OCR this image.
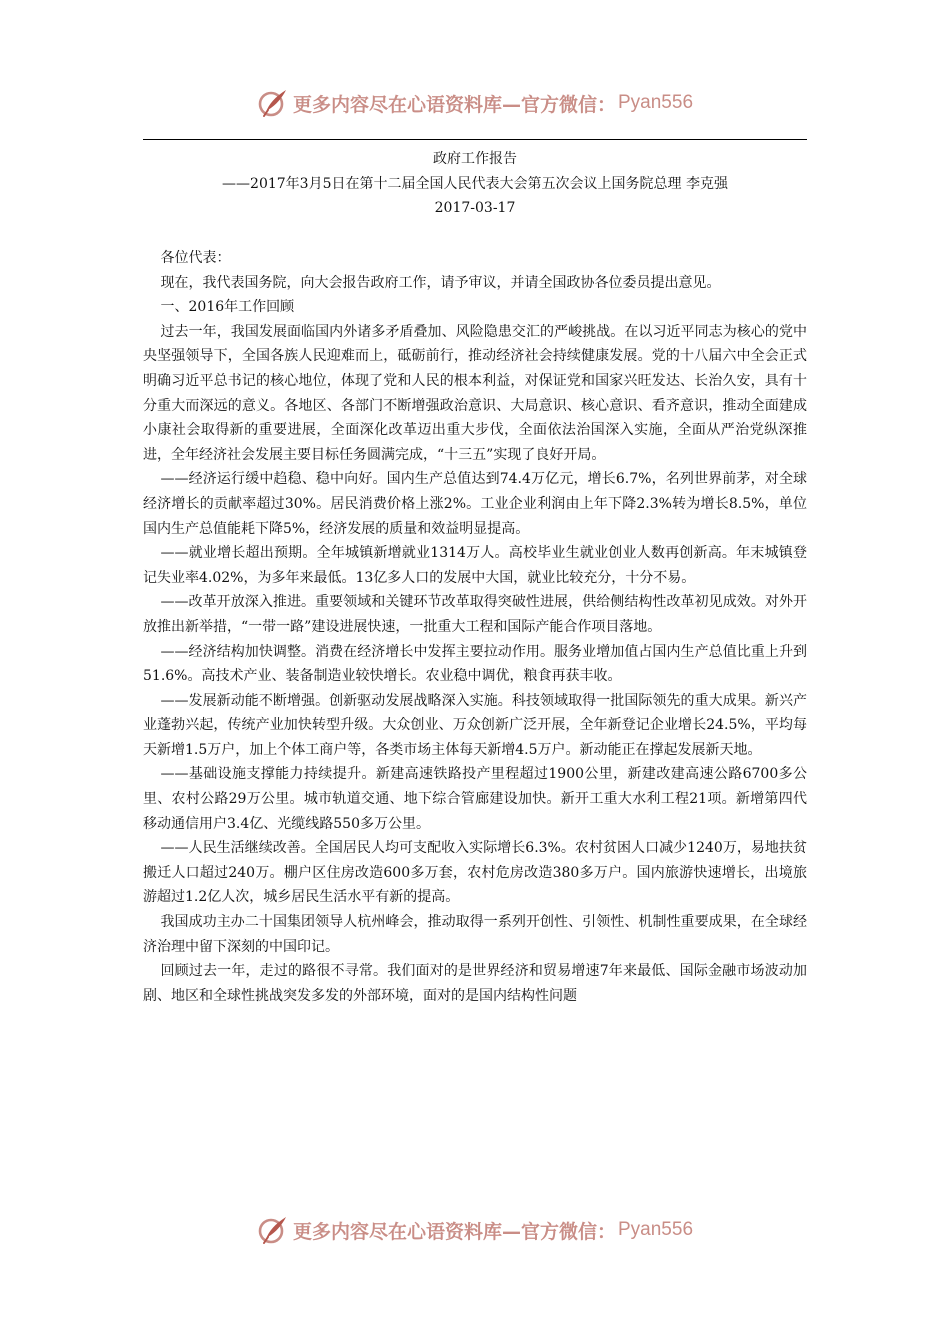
更多内容尽在心语资料库—官方微信： Pyan556
政府工作报告
——2017年3月5日在第十二届全国人民代表大会第五次会议上国务院总理 李克强
2017-03-17

各位代表：

现在，我代表国务院，向大会报告政府工作，请予审议，并请全国政协各位委员提出意见。

一、2016年工作回顾

过去一年，我国发展面临国内外诸多矛盾叠加、风险隐患交汇的严峻挑战。在以习近平同志为核心的党中央坚强领导下，全国各族人民迎难而上，砥砺前行，推动经济社会持续健康发展。党的十八届六中全会正式明确习近平总书记的核心地位，体现了党和人民的根本利益，对保证党和国家兴旺发达、长治久安，具有十分重大而深远的意义。各地区、各部门不断增强政治意识、大局意识、核心意识、看齐意识，推动全面建成小康社会取得新的重要进展，全面深化改革迈出重大步伐，全面依法治国深入实施，全面从严治党纵深推进，全年经济社会发展主要目标任务圆满完成，“十三五”实现了良好开局。

——经济运行缓中趋稳、稳中向好。国内生产总值达到74.4万亿元，增长6.7%，名列世界前茅，对全球经济增长的贡献率超过30%。居民消费价格上涨2%。工业企业利润由上年下降2.3%转为增长8.5%，单位国内生产总值能耗下降5%，经济发展的质量和效益明显提高。

——就业增长超出预期。全年城镇新增就业1314万人。高校毕业生就业创业人数再创新高。年末城镇登记失业率4.02%，为多年来最低。13亿多人口的发展中大国，就业比较充分，十分不易。

——改革开放深入推进。重要领域和关键环节改革取得突破性进展，供给侧结构性改革初见成效。对外开放推出新举措，“一带一路”建设进展快速，一批重大工程和国际产能合作项目落地。

——经济结构加快调整。消费在经济增长中发挥主要拉动作用。服务业增加值占国内生产总值比重上升到51.6%。高技术产业、装备制造业较快增长。农业稳中调优，粮食再获丰收。

——发展新动能不断增强。创新驱动发展战略深入实施。科技领域取得一批国际领先的重大成果。新兴产业蓬勃兴起，传统产业加快转型升级。大众创业、万众创新广泛开展，全年新登记企业增长24.5%，平均每天新增1.5万户，加上个体工商户等，各类市场主体每天新增4.5万户。新动能正在撑起发展新天地。

——基础设施支撑能力持续提升。新建高速铁路投产里程超过1900公里，新建改建高速公路6700多公里、农村公路29万公里。城市轨道交通、地下综合管廊建设加快。新开工重大水利工程21项。新增第四代移动通信用户3.4亿、光缆线路550多万公里。

——人民生活继续改善。全国居民人均可支配收入实际增长6.3%。农村贫困人口减少1240万，易地扶贫搬迁人口超过240万。棚户区住房改造600多万套，农村危房改造380多万户。国内旅游快速增长，出境旅游超过1.2亿人次，城乡居民生活水平有新的提高。

我国成功主办二十国集团领导人杭州峰会，推动取得一系列开创性、引领性、机制性重要成果，在全球经济治理中留下深刻的中国印记。

回顾过去一年，走过的路很不寻常。我们面对的是世界经济和贸易增速7年来最低、国际金融市场波动加剧、地区和全球性挑战突发多发的外部环境，面对的是国内结构性问题

更多内容尽在心语资料库—官方微信： Pyan556
